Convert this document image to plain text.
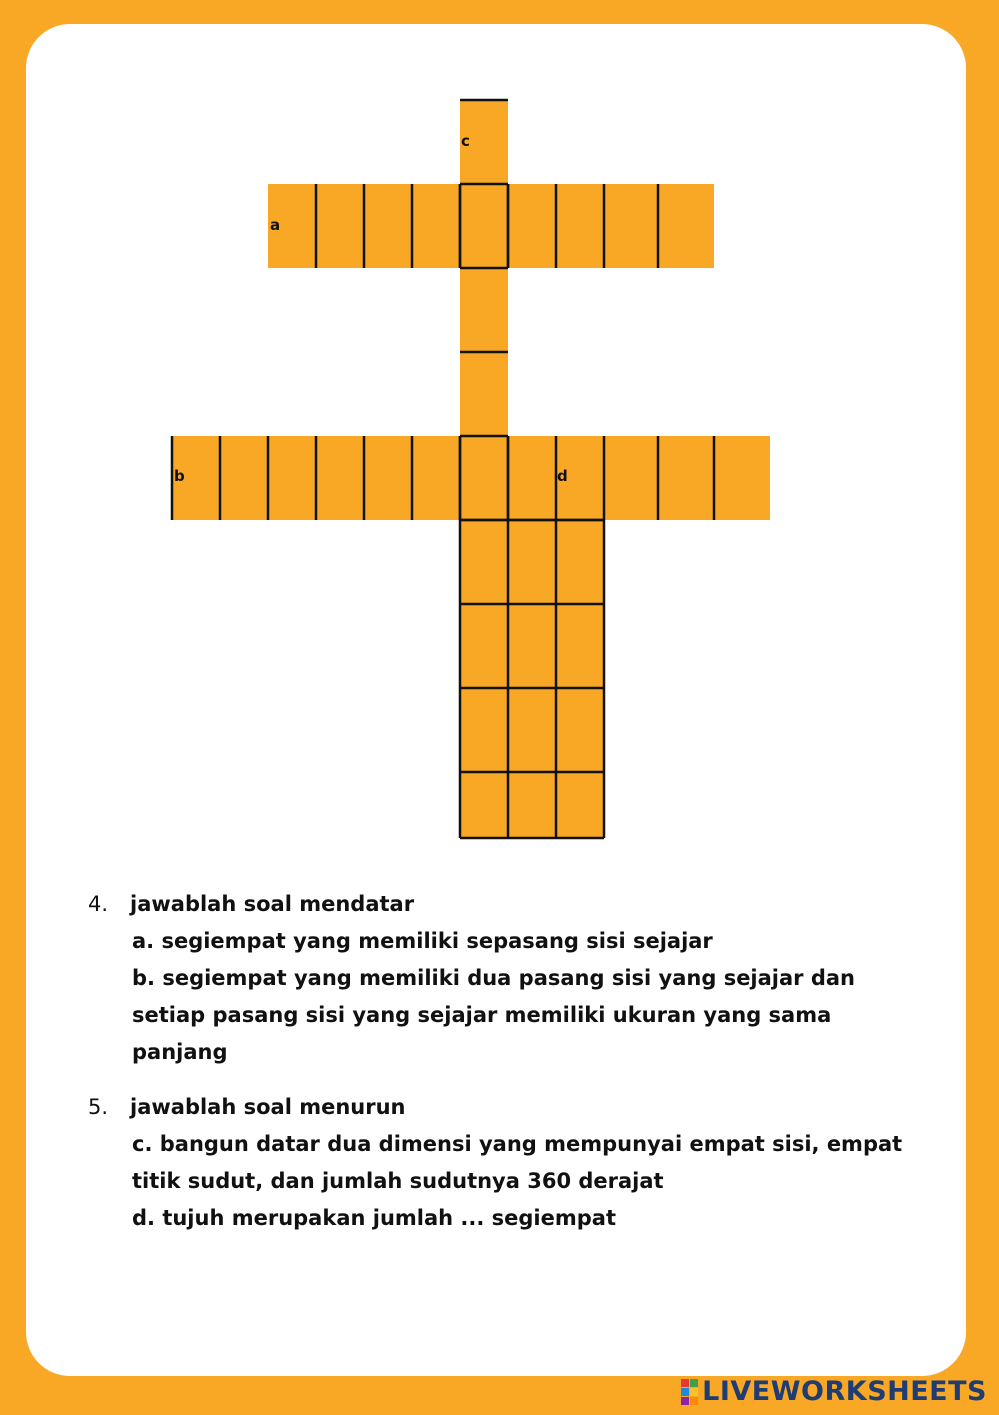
c
a
b	d
4.	jawablah soal mendatar
a. segiempat yang memiliki sepasang sisi sejajar
b. segiempat yang memiliki dua pasang sisi yang sejajar dan
setiap pasang sisi yang sejajar memiliki ukuran yang sama
panjang
5.	jawablah soal menurun
c. bangun datar dua dimensi yang mempunyai empat sisi, empat
titik sudut, dan jumlah sudutnya 360 derajat
d. tujuh merupakan jumlah ... segiempat
LIVEWORKSHEETS
